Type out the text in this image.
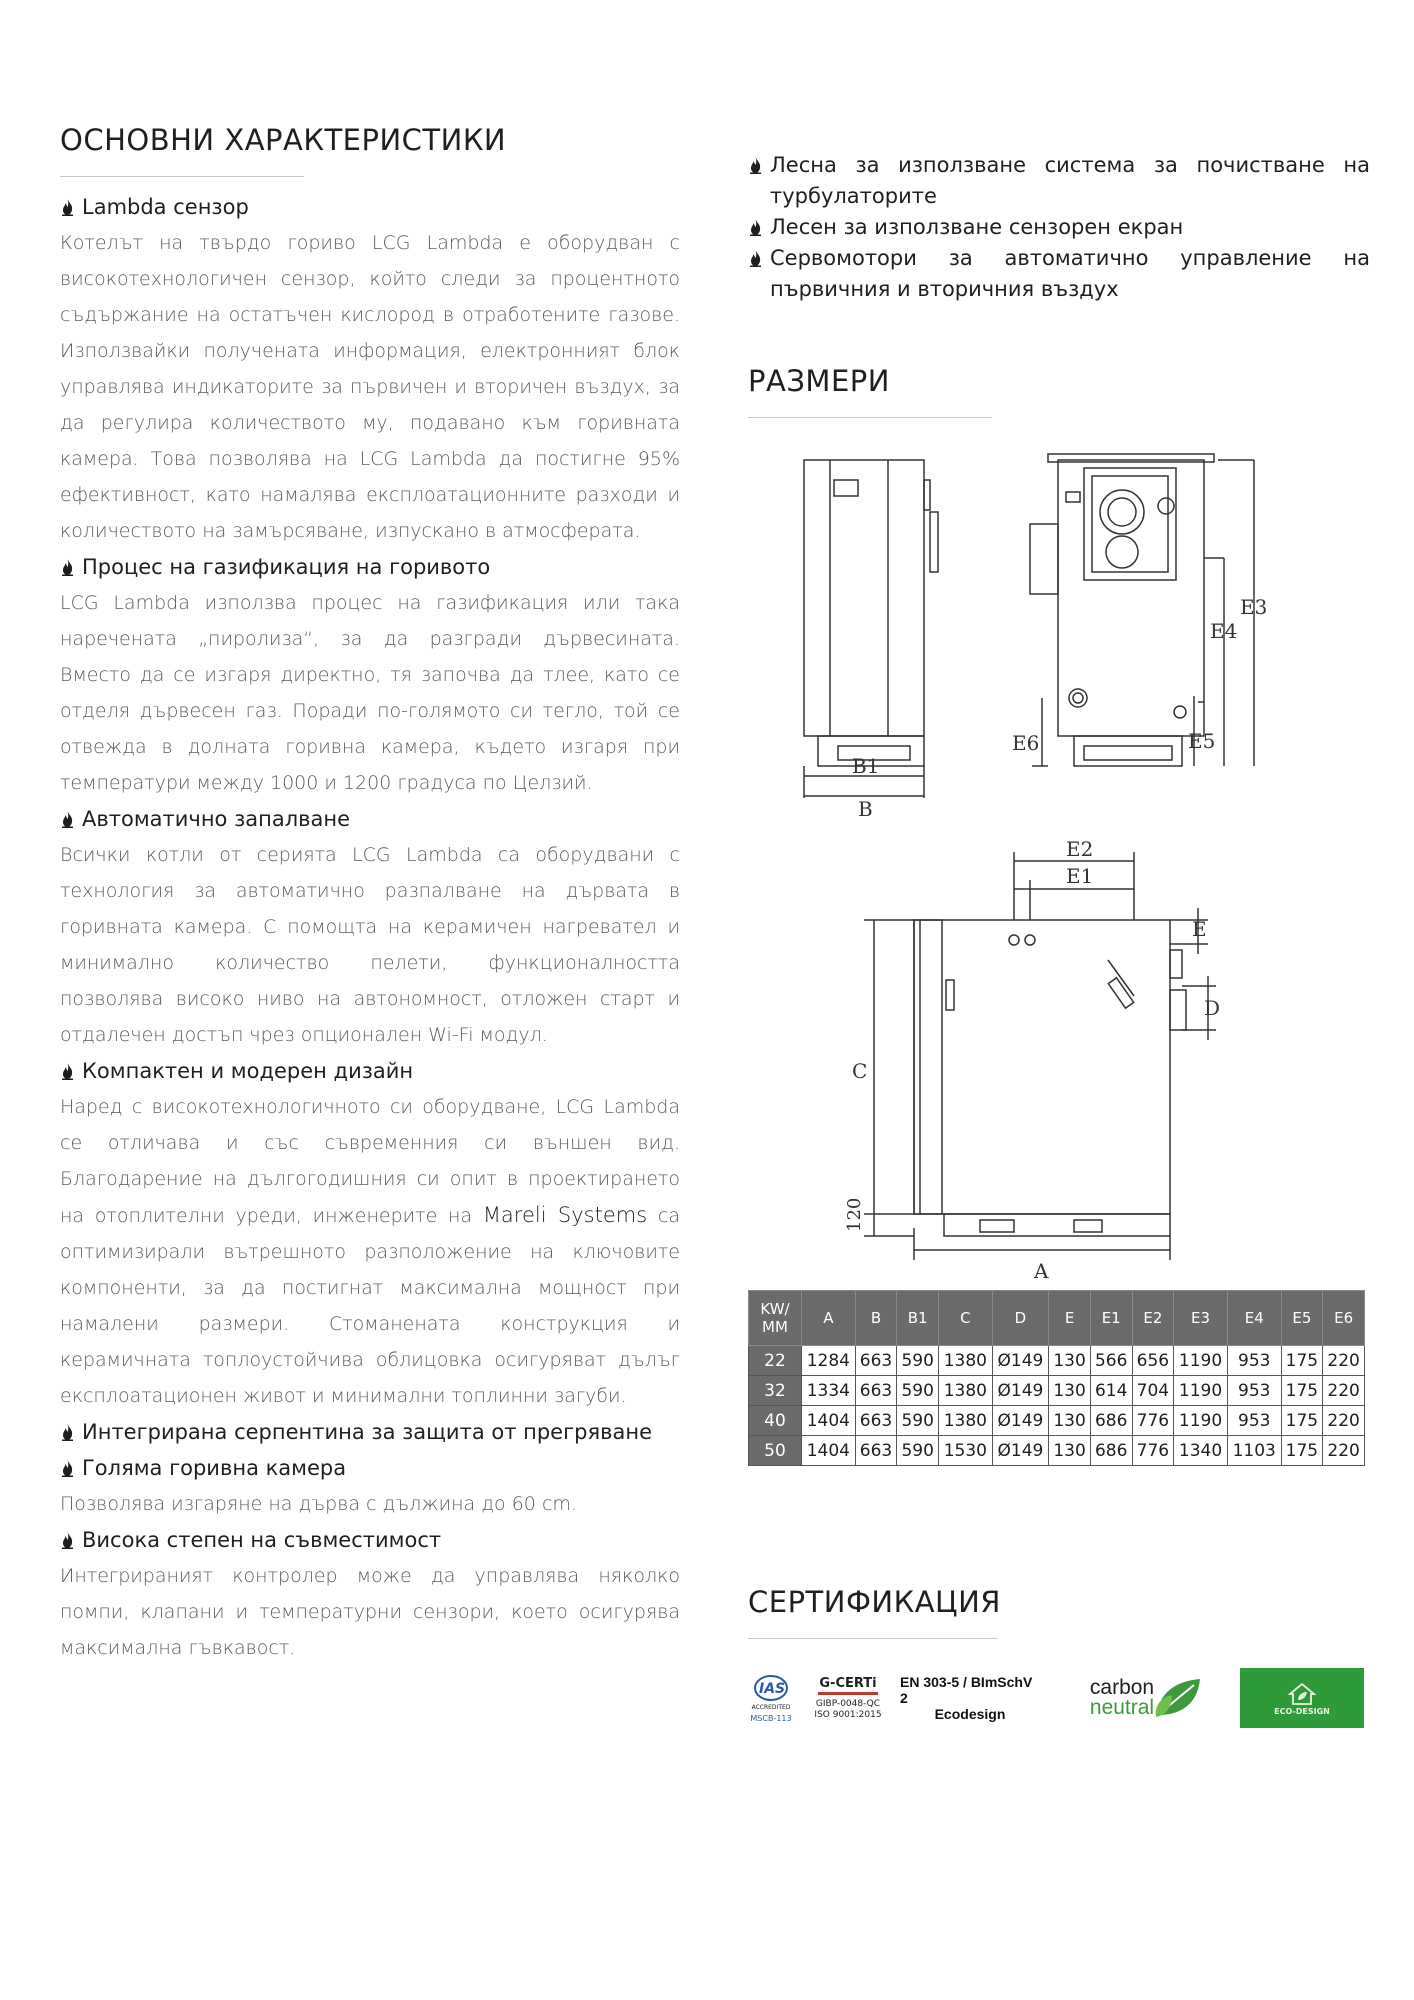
ОСНОВНИ ХАРАКТЕРИСТИКИ
Lambda сензор
Котелът на твърдо гориво LCG Lambda е оборудван с високотехнологичен сензор, който следи за процентното съдържание на остатъчен кислород в отработените газове. Използвайки получената информация, електронният блок управлява индикаторите за първичен и вторичен въздух, за да регулира количеството му, подавано към горивната камера. Това позволява на LCG Lambda да постигне 95% ефективност, като намалява експлоатационните разходи и количеството на замърсяване, изпускано в атмосферата.
Процес на газификация на горивото
LCG Lambda използва процес на газификация или така наречената „пиролиза“, за да разгради дървесината. Вместо да се изгаря директно, тя започва да тлее, като се отделя дървесен газ. Поради по-голямото си тегло, той се отвежда в долната горивна камера, където изгаря при температури между 1000 и 1200 градуса по Целзий.
Автоматично запалване
Всички котли от серията LCG Lambda са оборудвани с технология за автоматично разпалване на дървата в горивната камера. С помощта на керамичен нагревател и минимално количество пелети, функционалността позволява високо ниво на автономност, отложен старт и отдалечен достъп чрез опционален Wi-Fi модул.
Компактен и модерен дизайн
Наред с високотехнологичното си оборудване, LCG Lambda се отличава и със съвременния си външен вид. Благодарение на дългогодишния си опит в проектирането на отоплителни уреди, инженерите на Mareli Systems са оптимизирали вътрешното разположение на ключовите компоненти, за да постигнат максимална мощност при намалени размери. Стоманената конструкция и керамичната топлоустойчива облицовка осигуряват дълъг експлоатационен живот и минимални топлинни загуби.
Интегрирана серпентина за защита от прегряване
Голяма горивна камера
Позволява изгаряне на дърва с дължина до 60 cm.
Висока степен на съвместимост
Интегрираният контролер може да управлява няколко помпи, клапани и температурни сензори, което осигурява максимална гъвкавост.
Лесна за използване система за почистване на турбулаторите
Лесен за използване сензорен екран
Сервомотори за автоматично управление на първичния и вторичния въздух
РАЗМЕРИ
B1
B
E3
E4
E5
E6
E2
E1
E
D
C
120
A
KW/ MM	A	B	B1	C	D	E	E1	E2	E3	E4	E5	E6
22	1284	663	590	1380	Ø149	130	566	656	1190	953	175	220
32	1334	663	590	1380	Ø149	130	614	704	1190	953	175	220
40	1404	663	590	1380	Ø149	130	686	776	1190	953	175	220
50	1404	663	590	1530	Ø149	130	686	776	1340	1103	175	220
СЕРТИФИКАЦИЯ
IAS
ACCREDITED
MSCB-113
G-CERTi
GIBP-0048-QC
ISO 9001:2015
EN 303-5 / BImSchV 2
Ecodesign
carbon
neutral	ECO-DESIGN
